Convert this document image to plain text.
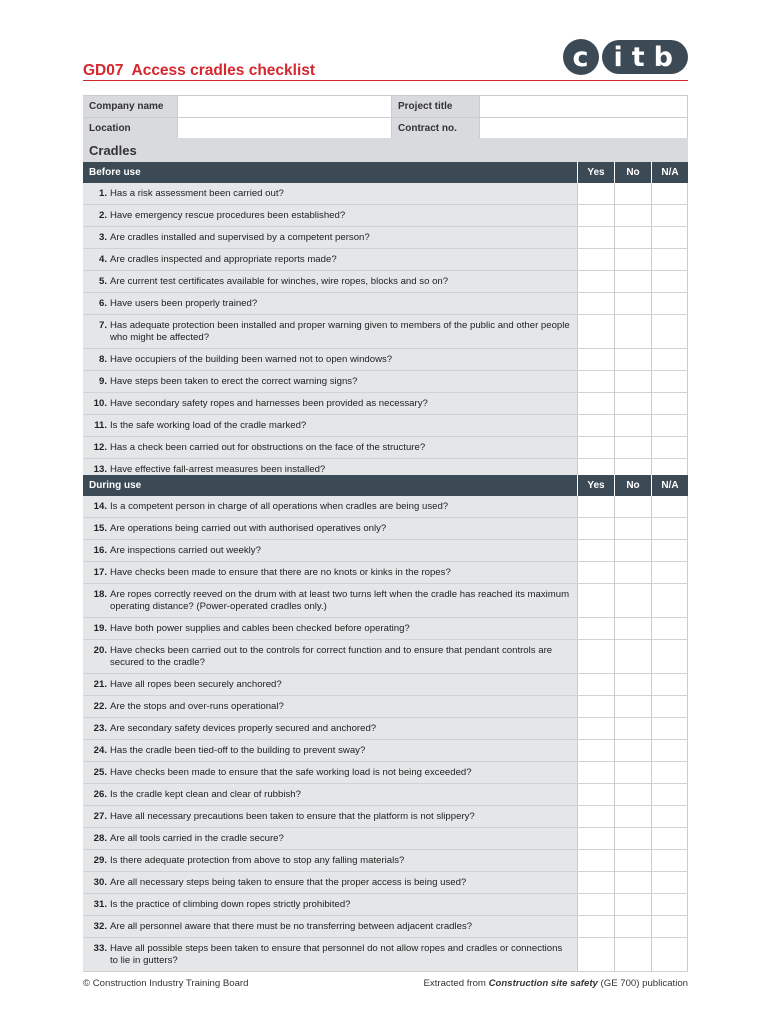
GD07 Access cradles checklist	c itb
Company name	Project title
Location	Contract no.
Cradles
Before use	Yes	No	N/A
1. Has a risk assessment been carried out?
2. Have emergency rescue procedures been established?
3. Are cradles installed and supervised by a competent person?
4. Are cradles inspected and appropriate reports made?
5. Are current test certificates available for winches, wire ropes, blocks and so on?
6. Have users been properly trained?
7. Has adequate protection been installed and proper warning given to members of the public and other people who might be affected?
8. Have occupiers of the building been warned not to open windows?
9. Have steps been taken to erect the correct warning signs?
10. Have secondary safety ropes and harnesses been provided as necessary?
11. Is the safe working load of the cradle marked?
12. Has a check been carried out for obstructions on the face of the structure?
13. Have effective fall-arrest measures been installed?
During use	Yes	No	N/A
14. Is a competent person in charge of all operations when cradles are being used?
15. Are operations being carried out with authorised operatives only?
16. Are inspections carried out weekly?
17. Have checks been made to ensure that there are no knots or kinks in the ropes?
18. Are ropes correctly reeved on the drum with at least two turns left when the cradle has reached its maximum operating distance? (Power-operated cradles only.)
19. Have both power supplies and cables been checked before operating?
20. Have checks been carried out to the controls for correct function and to ensure that pendant controls are secured to the cradle?
21. Have all ropes been securely anchored?
22. Are the stops and over-runs operational?
23. Are secondary safety devices properly secured and anchored?
24. Has the cradle been tied-off to the building to prevent sway?
25. Have checks been made to ensure that the safe working load is not being exceeded?
26. Is the cradle kept clean and clear of rubbish?
27. Have all necessary precautions been taken to ensure that the platform is not slippery?
28. Are all tools carried in the cradle secure?
29. Is there adequate protection from above to stop any falling materials?
30. Are all necessary steps being taken to ensure that the proper access is being used?
31. Is the practice of climbing down ropes strictly prohibited?
32. Are all personnel aware that there must be no transferring between adjacent cradles?
33. Have all possible steps been taken to ensure that personnel do not allow ropes and cradles or connections to lie in gutters?
© Construction Industry Training Board	Extracted from Construction site safety (GE 700) publication
